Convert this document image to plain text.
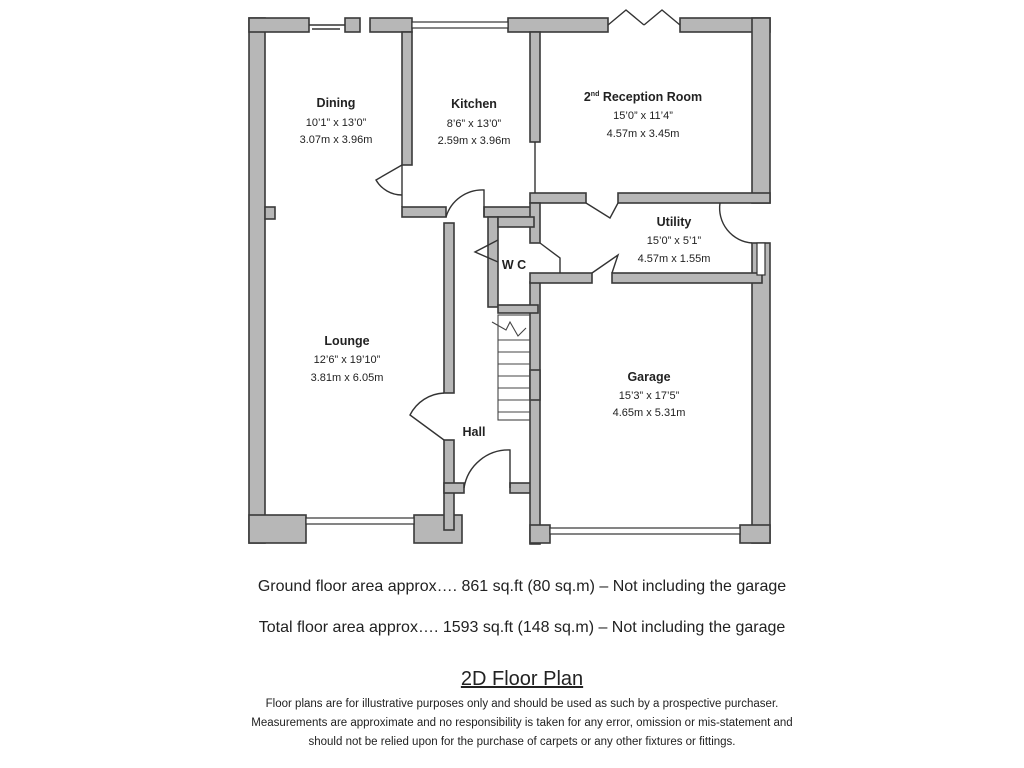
Dining
10’1” x 13’0”
3.07m x 3.96m
Kitchen
8’6” x 13’0”
2.59m x 3.96m
2nd Reception Room
15’0” x 11’4”
4.57m x 3.45m
Utility
15’0” x 5’1”
4.57m x 1.55m
W C
Lounge
12’6” x 19’10”
3.81m x 6.05m	Garage
15’3” x 17’5”
4.65m x 5.31m
Hall
Ground floor area approx…. 861 sq.ft (80 sq.m) – Not including the garage
Total floor area approx…. 1593 sq.ft (148 sq.m) – Not including the garage
2D Floor Plan
Floor plans are for illustrative purposes only and should be used as such by a prospective purchaser.
Measurements are approximate and no responsibility is taken for any error, omission or mis-statement and
should not be relied upon for the purchase of carpets or any other fixtures or fittings.
